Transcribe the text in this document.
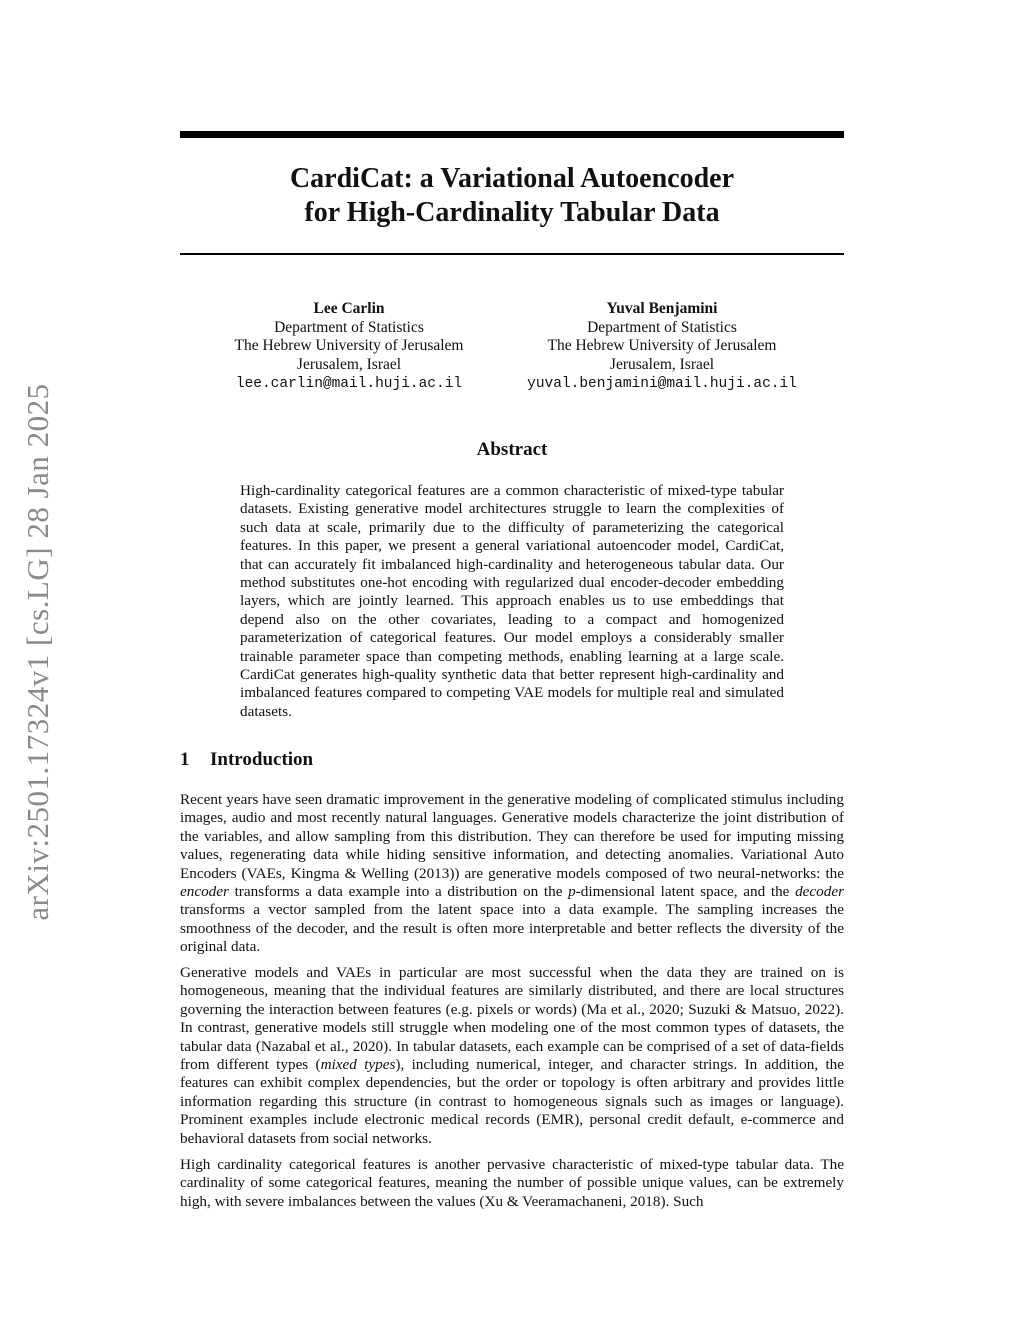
arXiv:2501.17324v1 [cs.LG] 28 Jan 2025
CardiCat: a Variational Autoencoder
for High-Cardinality Tabular Data
Lee Carlin
Department of Statistics
The Hebrew University of Jerusalem
Jerusalem, Israel
lee.carlin@mail.huji.ac.il
Yuval Benjamini
Department of Statistics
The Hebrew University of Jerusalem
Jerusalem, Israel
yuval.benjamini@mail.huji.ac.il
Abstract

High-cardinality categorical features are a common characteristic of mixed-type tabular datasets. Existing generative model architectures struggle to learn the complexities of such data at scale, primarily due to the difficulty of parameterizing the categorical features. In this paper, we present a general variational autoencoder model, CardiCat, that can accurately fit imbalanced high-cardinality and heterogeneous tabular data. Our method substitutes one-hot encoding with regularized dual encoder-decoder embedding layers, which are jointly learned. This approach enables us to use embeddings that depend also on the other covariates, leading to a compact and homogenized parameterization of categorical features. Our model employs a considerably smaller trainable parameter space than competing methods, enabling learning at a large scale. CardiCat generates high-quality synthetic data that better represent high-cardinality and imbalanced features compared to competing VAE models for multiple real and simulated datasets.

1 Introduction

Recent years have seen dramatic improvement in the generative modeling of complicated stimulus including images, audio and most recently natural languages. Generative models characterize the joint distribution of the variables, and allow sampling from this distribution. They can therefore be used for imputing missing values, regenerating data while hiding sensitive information, and detecting anomalies. Variational Auto Encoders (VAEs, Kingma & Welling (2013)) are generative models composed of two neural-networks: the encoder transforms a data example into a distribution on the p-dimensional latent space, and the decoder transforms a vector sampled from the latent space into a data example. The sampling increases the smoothness of the decoder, and the result is often more interpretable and better reflects the diversity of the original data.

Generative models and VAEs in particular are most successful when the data they are trained on is homogeneous, meaning that the individual features are similarly distributed, and there are local structures governing the interaction between features (e.g. pixels or words) (Ma et al., 2020; Suzuki & Matsuo, 2022). In contrast, generative models still struggle when modeling one of the most common types of datasets, the tabular data (Nazabal et al., 2020). In tabular datasets, each example can be comprised of a set of data-fields from different types (mixed types), including numerical, integer, and character strings. In addition, the features can exhibit complex dependencies, but the order or topology is often arbitrary and provides little information regarding this structure (in contrast to homogeneous signals such as images or language). Prominent examples include electronic medical records (EMR), personal credit default, e-commerce and behavioral datasets from social networks.

High cardinality categorical features is another pervasive characteristic of mixed-type tabular data. The cardinality of some categorical features, meaning the number of possible unique values, can be extremely high, with severe imbalances between the values (Xu & Veeramachaneni, 2018). Such
